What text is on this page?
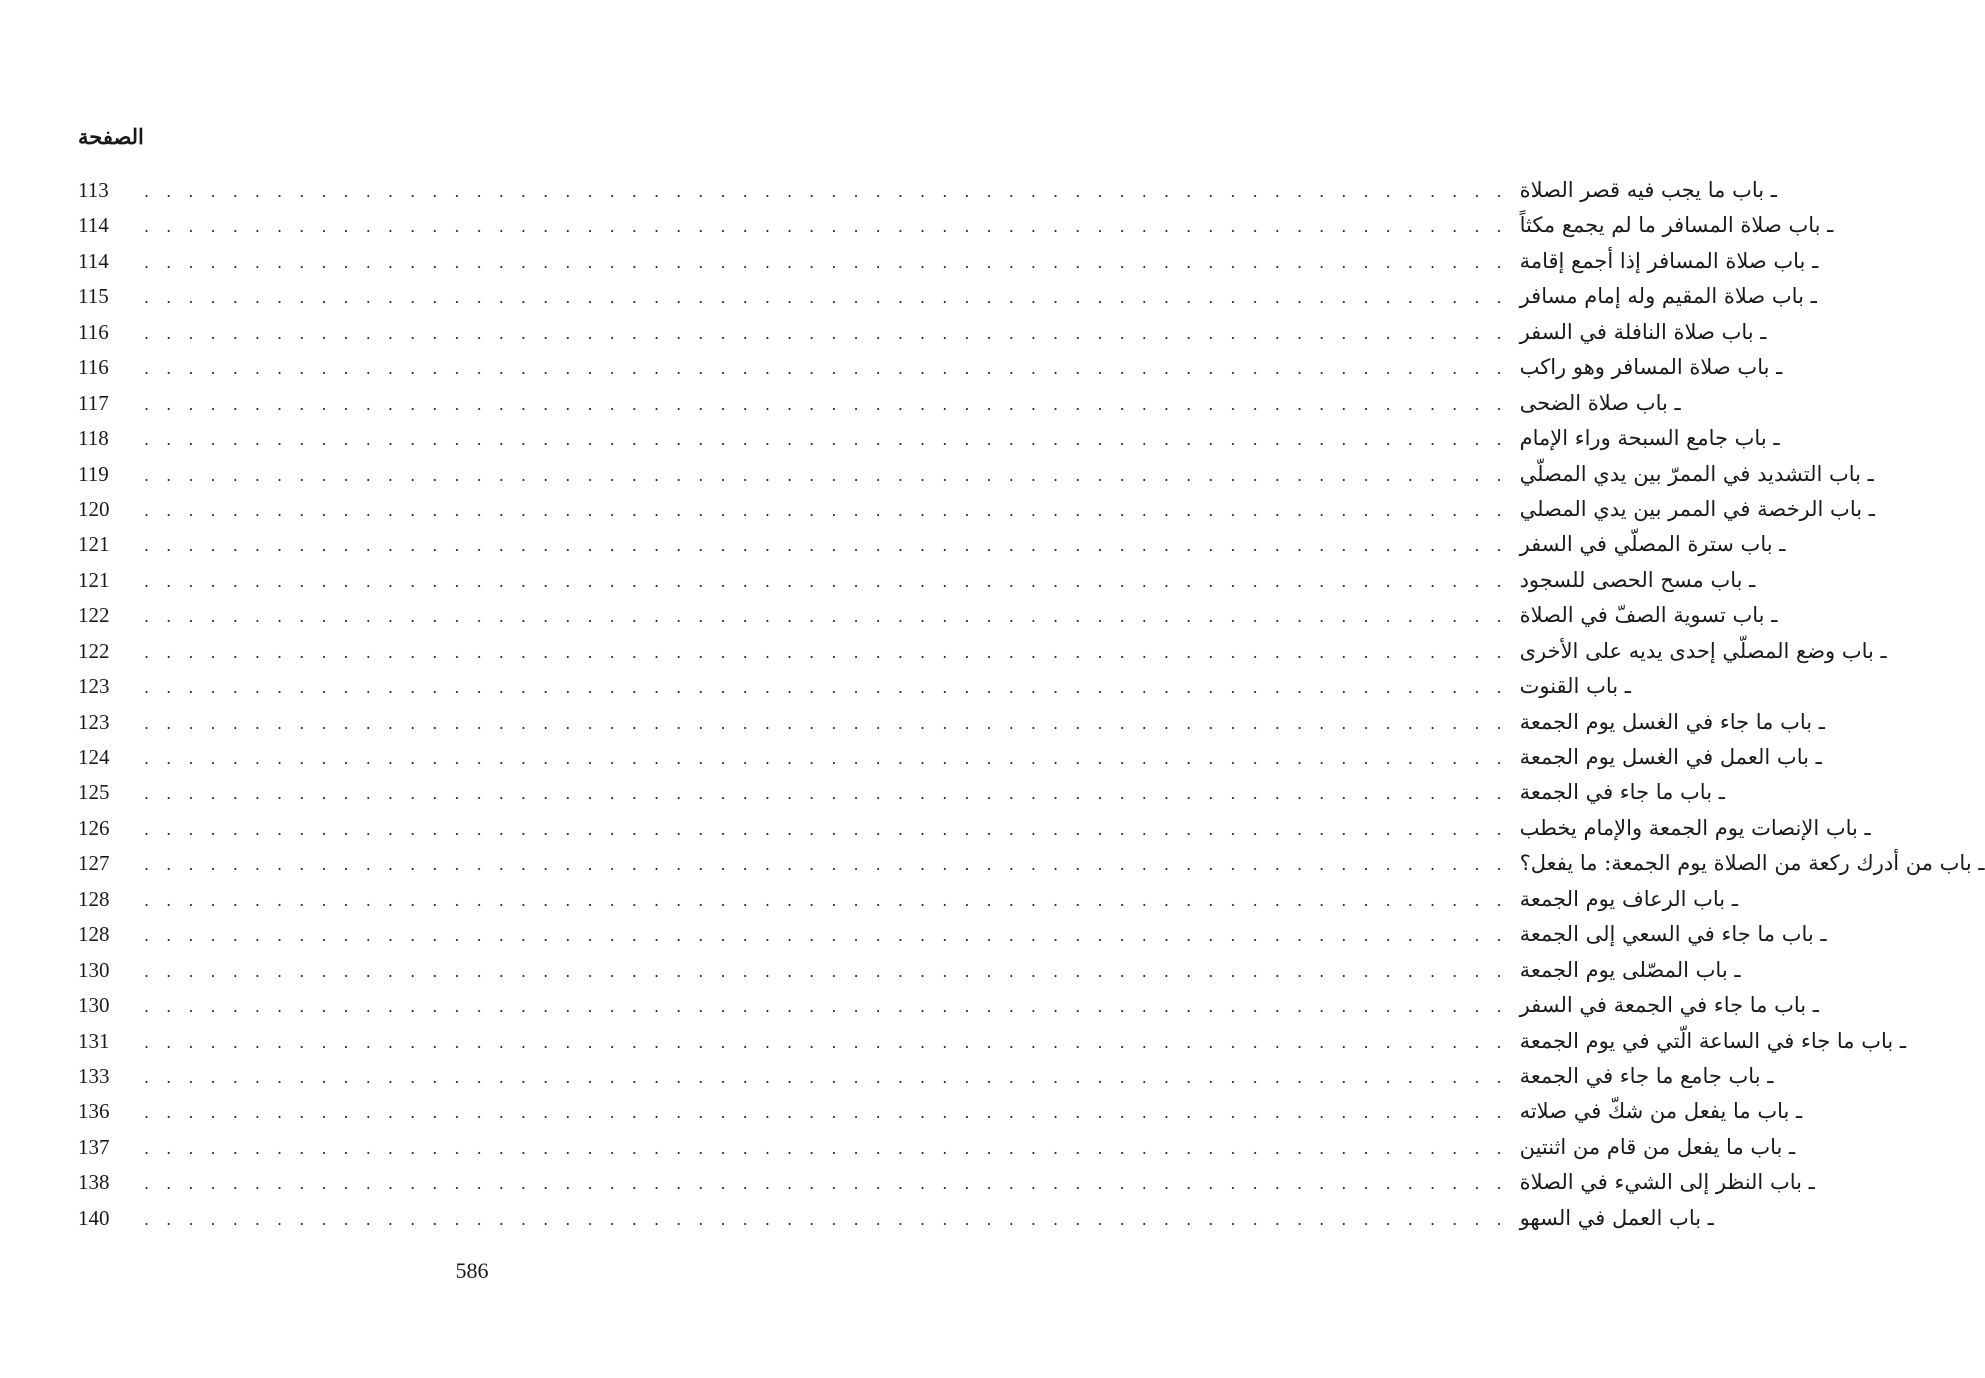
الصفحة
113	. . . . . . . . . . . . . . . . . . . . . . . . . . . . . . . . . . . . . . . . . . . . . . . . . . . . . . . . . . . . . . ـ باب ما يجب فيه قصر الصلاة
114	. . . . . . . . . . . . . . . . . . . . . . . . . . . . . . . . . . . . . . . . . . . . . . . . . . . . . . . . . . . . . . ـ باب صلاة المسافر ما لم يجمع مكثاً
114	. . . . . . . . . . . . . . . . . . . . . . . . . . . . . . . . . . . . . . . . . . . . . . . . . . . . . . . . . . . . . . ـ باب صلاة المسافر إذا أجمع إقامة
115	. . . . . . . . . . . . . . . . . . . . . . . . . . . . . . . . . . . . . . . . . . . . . . . . . . . . . . . . . . . . . . ـ باب صلاة المقيم وله إمام مسافر
116	. . . . . . . . . . . . . . . . . . . . . . . . . . . . . . . . . . . . . . . . . . . . . . . . . . . . . . . . . . . . . . ـ باب صلاة النافلة في السفر
116	. . . . . . . . . . . . . . . . . . . . . . . . . . . . . . . . . . . . . . . . . . . . . . . . . . . . . . . . . . . . . . ـ باب صلاة المسافر وهو راكب
117	. . . . . . . . . . . . . . . . . . . . . . . . . . . . . . . . . . . . . . . . . . . . . . . . . . . . . . . . . . . . . . ـ باب صلاة الضحى
118	. . . . . . . . . . . . . . . . . . . . . . . . . . . . . . . . . . . . . . . . . . . . . . . . . . . . . . . . . . . . . . ـ باب جامع السبحة وراء الإمام
119	. . . . . . . . . . . . . . . . . . . . . . . . . . . . . . . . . . . . . . . . . . . . . . . . . . . . . . . . . . . . . . ـ باب التشديد في الممرّ بين يدي المصلّي
120	. . . . . . . . . . . . . . . . . . . . . . . . . . . . . . . . . . . . . . . . . . . . . . . . . . . . . . . . . . . . . . ـ باب الرخصة في الممر بين يدي المصلي
121	. . . . . . . . . . . . . . . . . . . . . . . . . . . . . . . . . . . . . . . . . . . . . . . . . . . . . . . . . . . . . . ـ باب سترة المصلّي في السفر
121	. . . . . . . . . . . . . . . . . . . . . . . . . . . . . . . . . . . . . . . . . . . . . . . . . . . . . . . . . . . . . . ـ باب مسح الحصى للسجود
122	. . . . . . . . . . . . . . . . . . . . . . . . . . . . . . . . . . . . . . . . . . . . . . . . . . . . . . . . . . . . . . ـ باب تسوية الصفّ في الصلاة
122	. . . . . . . . . . . . . . . . . . . . . . . . . . . . . . . . . . . . . . . . . . . . . . . . . . . . . . . . . . . . . . ـ باب وضع المصلّي إحدى يديه على الأخرى
123	. . . . . . . . . . . . . . . . . . . . . . . . . . . . . . . . . . . . . . . . . . . . . . . . . . . . . . . . . . . . . . ـ باب القنوت
123	. . . . . . . . . . . . . . . . . . . . . . . . . . . . . . . . . . . . . . . . . . . . . . . . . . . . . . . . . . . . . . ـ باب ما جاء في الغسل يوم الجمعة
124	. . . . . . . . . . . . . . . . . . . . . . . . . . . . . . . . . . . . . . . . . . . . . . . . . . . . . . . . . . . . . . ـ باب العمل في الغسل يوم الجمعة
125	. . . . . . . . . . . . . . . . . . . . . . . . . . . . . . . . . . . . . . . . . . . . . . . . . . . . . . . . . . . . . . ـ باب ما جاء في الجمعة
126	. . . . . . . . . . . . . . . . . . . . . . . . . . . . . . . . . . . . . . . . . . . . . . . . . . . . . . . . . . . . . . ـ باب الإنصات يوم الجمعة والإمام يخطب
127	. . . . . . . . . . . . . . . . . . . . . . . . . . . . . . . . . . . . . . . . . . . . . . . . . . . . . . . . . . . . . . ـ باب من أدرك ركعة من الصلاة يوم الجمعة: ما يفعل؟
128	. . . . . . . . . . . . . . . . . . . . . . . . . . . . . . . . . . . . . . . . . . . . . . . . . . . . . . . . . . . . . . ـ باب الرعاف يوم الجمعة
128	. . . . . . . . . . . . . . . . . . . . . . . . . . . . . . . . . . . . . . . . . . . . . . . . . . . . . . . . . . . . . . ـ باب ما جاء في السعي إلى الجمعة
130	. . . . . . . . . . . . . . . . . . . . . . . . . . . . . . . . . . . . . . . . . . . . . . . . . . . . . . . . . . . . . . ـ باب المصّلى يوم الجمعة
130	. . . . . . . . . . . . . . . . . . . . . . . . . . . . . . . . . . . . . . . . . . . . . . . . . . . . . . . . . . . . . . ـ باب ما جاء في الجمعة في السفر
131	. . . . . . . . . . . . . . . . . . . . . . . . . . . . . . . . . . . . . . . . . . . . . . . . . . . . . . . . . . . . . . ـ باب ما جاء في الساعة الّتي في يوم الجمعة
133	. . . . . . . . . . . . . . . . . . . . . . . . . . . . . . . . . . . . . . . . . . . . . . . . . . . . . . . . . . . . . . ـ باب جامع ما جاء في الجمعة
136	. . . . . . . . . . . . . . . . . . . . . . . . . . . . . . . . . . . . . . . . . . . . . . . . . . . . . . . . . . . . . . ـ باب ما يفعل من شكّ في صلاته
137	. . . . . . . . . . . . . . . . . . . . . . . . . . . . . . . . . . . . . . . . . . . . . . . . . . . . . . . . . . . . . . ـ باب ما يفعل من قام من اثنتين
138	. . . . . . . . . . . . . . . . . . . . . . . . . . . . . . . . . . . . . . . . . . . . . . . . . . . . . . . . . . . . . . ـ باب النظر إلى الشيء في الصلاة
140	. . . . . . . . . . . . . . . . . . . . . . . . . . . . . . . . . . . . . . . . . . . . . . . . . . . . . . . . . . . . . . ـ باب العمل في السهو
586
